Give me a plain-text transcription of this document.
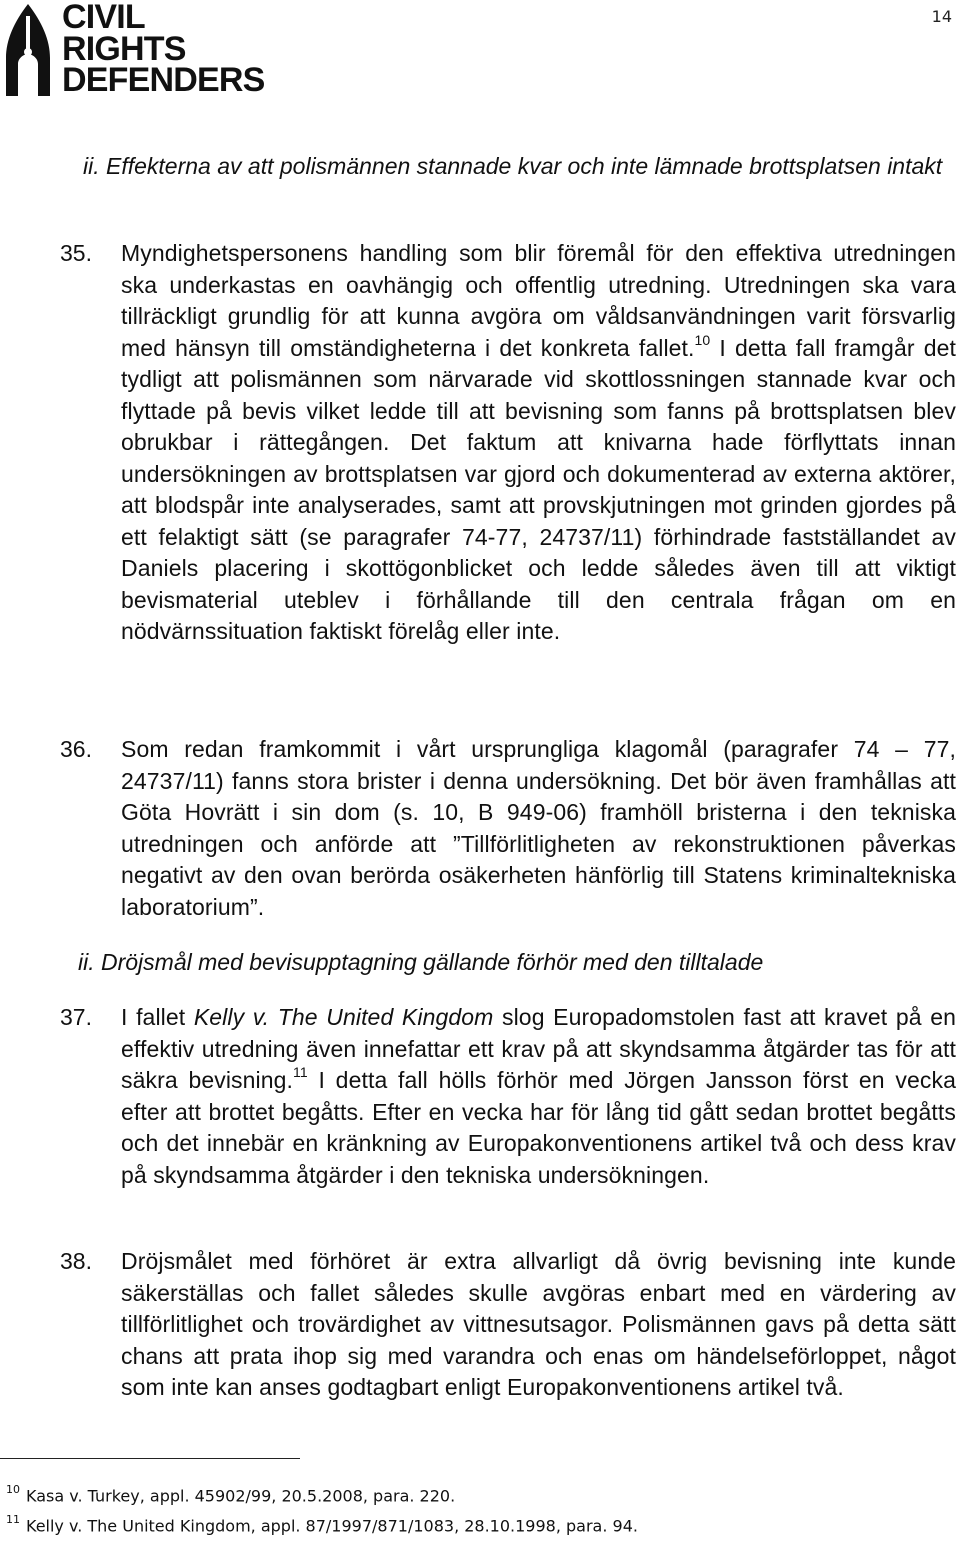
CIVIL
RIGHTS
DEFENDERS
14
ii. Effekterna av att polismännen stannade kvar och inte lämnade brottsplatsen intakt
35. Myndighetspersonens handling som blir föremål för den effektiva utredningen ska underkastas en oavhängig och offentlig utredning. Utredningen ska vara tillräckligt grundlig för att kunna avgöra om våldsanvändningen varit försvarlig med hänsyn till omständigheterna i det konkreta fallet.$^{10}$ I detta fall framgår det tydligt att polismännen som närvarade vid skottlossningen stannade kvar och flyttade på bevis vilket ledde till att bevisning som fanns på brottsplatsen blev obrukbar i rättegången. Det faktum att knivarna hade förflyttats innan undersökningen av brottsplatsen var gjord och dokumenterad av externa aktörer, att blodspår inte analyserades, samt att provskjutningen mot grinden gjordes på ett felaktigt sätt (se paragrafer 74-77, 24737/11) förhindrade fastställandet av Daniels placering i skottögonblicket och ledde således även till att viktigt bevismaterial uteblev i förhållande till den centrala frågan om en nödvärnssituation faktiskt förelåg eller inte.
36. Som redan framkommit i vårt ursprungliga klagomål (paragrafer 74 – 77, 24737/11) fanns stora brister i denna undersökning. Det bör även framhållas att Göta Hovrätt i sin dom (s. 10, B 949-06) framhöll bristerna i den tekniska utredningen och anförde att ”Tillförlitligheten av rekonstruktionen påverkas negativt av den ovan berörda osäkerheten hänförlig till Statens kriminaltekniska laboratorium”.
ii. Dröjsmål med bevisupptagning gällande förhör med den tilltalade
37. I fallet Kelly v. The United Kingdom slog Europadomstolen fast att kravet på en effektiv utredning även innefattar ett krav på att skyndsamma åtgärder tas för att säkra bevisning.$^{11}$ I detta fall hölls förhör med Jörgen Jansson först en vecka efter att brottet begåtts. Efter en vecka har för lång tid gått sedan brottet begåtts och det innebär en kränkning av Europakonventionens artikel två och dess krav på skyndsamma åtgärder i den tekniska undersökningen.
38. Dröjsmålet med förhöret är extra allvarligt då övrig bevisning inte kunde säkerställas och fallet således skulle avgöras enbart med en värdering av tillförlitlighet och trovärdighet av vittnesutsagor. Polismännen gavs på detta sätt chans att prata ihop sig med varandra och enas om händelseförloppet, något som inte kan anses godtagbart enligt Europakonventionens artikel två.
$^{10}$ Kasa v. Turkey, appl. 45902/99, 20.5.2008, para. 220.
$^{11}$ Kelly v. The United Kingdom, appl. 87/1997/871/1083, 28.10.1998, para. 94.
